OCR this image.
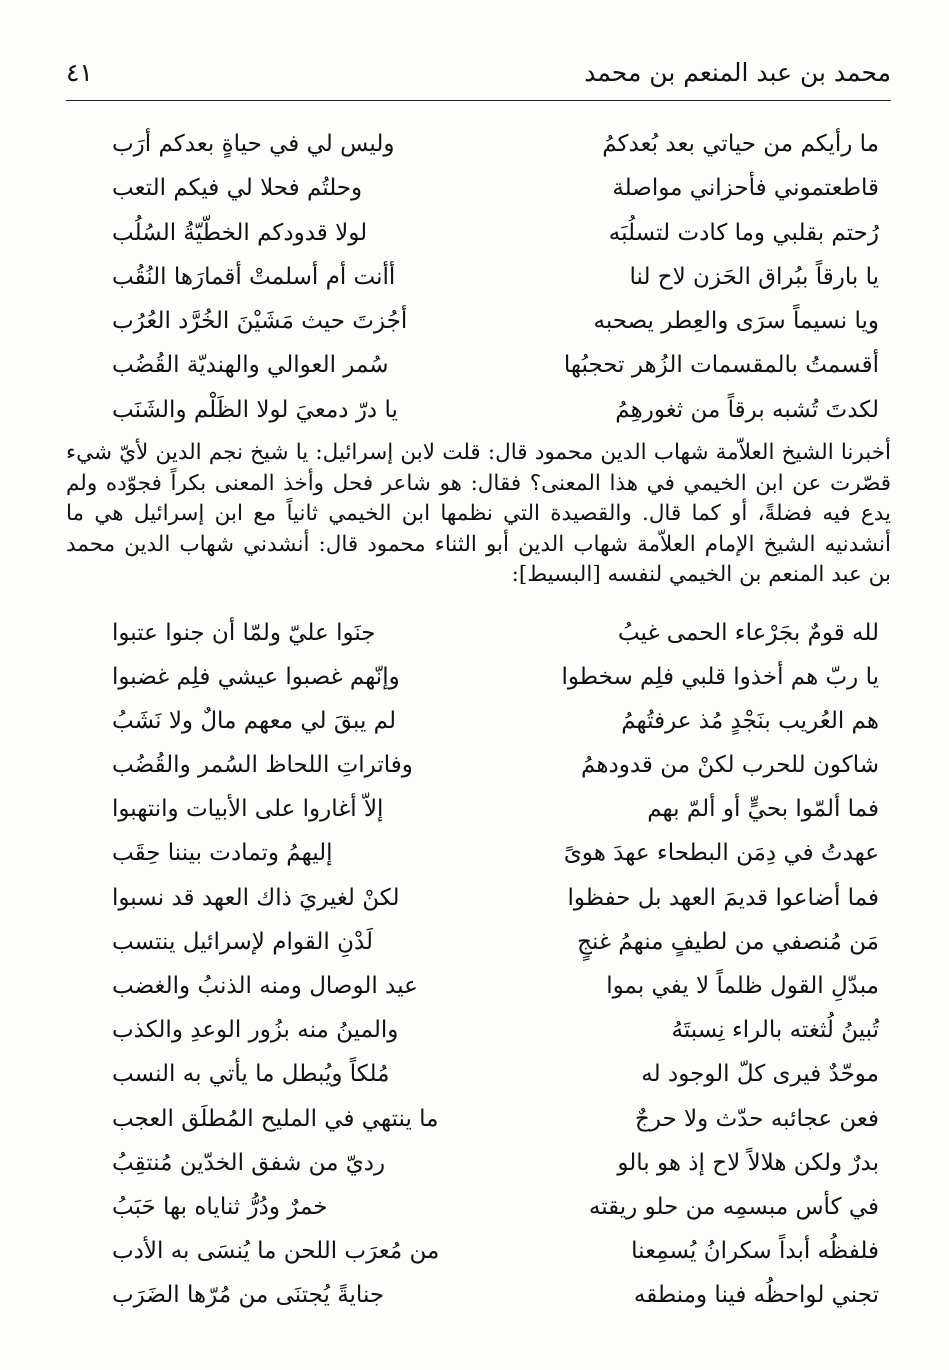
محمد بن عبد المنعم بن محمد
٤١
ما رأيكم من حياتي بعد بُعدكمُ
وليس لي في حياةٍ بعدكم أرَب
قاطعتموني فأحزاني مواصلة
وحلتُم فحلا لي فيكم التعب
رُحتم بقلبي وما كادت لتسلُبَه
لولا قدودكم الخطّيّةُ السُلُب
يا بارقاً ببُراق الحَزن لاح لنا
أأنت أم أسلمتْ أقمارَها النُقُب
ويا نسيماً سرَى والعِطر يصحبه
أجُزتَ حيث مَشَيْنَ الخُرَّد العُرُب
أقسمتُ بالمقسمات الزُهر تحجبُها
سُمر العوالي والهنديّة القُضُب
لكدتَ تُشبه برقاً من ثغورهِمُ
يا درّ دمعيَ لولا الظَلْم والشَنَب

أخبرنا الشيخ العلاّمة شهاب الدين محمود قال: قلت لابن إسرائيل: يا شيخ نجم الدين لأيّ شيء قصّرت عن ابن الخيمي في هذا المعنى؟ فقال: هو شاعر فحل وأخذ المعنى بكراً فجوّده ولم يدع فيه فضلةً، أو كما قال. والقصيدة التي نظمها ابن الخيمي ثانياً مع ابن إسرائيل هي ما أنشدنيه الشيخ الإمام العلاّمة شهاب الدين أبو الثناء محمود قال: أنشدني شهاب الدين محمد بن عبد المنعم بن الخيمي لنفسه [البسيط]:

لله قومٌ بجَرْعاء الحمى غيبُ
جنَوا عليّ ولمّا أن جنوا عتبوا
يا ربّ هم أخذوا قلبي فلِم سخطوا
وإنّهم غصبوا عيشي فلِم غضبوا
هم العُريب بنَجْدٍ مُذ عرفتُهمُ
لم يبقَ لي معهم مالٌ ولا نَشَبُ
شاكون للحرب لكنْ من قدودهمُ
وفاتراتِ اللحاظ السُمر والقُضُب
فما ألمّوا بحيٍّ أو ألمّ بهم
إلاّ أغاروا على الأبيات وانتهبوا
عهدتُ في دِمَن البطحاء عهدَ هوىً
إليهمُ وتمادت بيننا حِقَب
فما أضاعوا قديمَ العهد بل حفظوا
لكنْ لغيريَ ذاك العهد قد نسبوا
مَن مُنصفي من لطيفٍ منهمُ غنجٍ
لَدْنِ القوام لإسرائيل ينتسب
مبدّلِ القول ظلماً لا يفي بموا
عيد الوصال ومنه الذنبُ والغضب
تُبينُ لُثغته بالراء نِسبتَهُ
والمينُ منه بزُور الوعدِ والكذب
موحّدٌ فيرى كلّ الوجود له
مُلكاً ويُبطل ما يأتي به النسب
فعن عجائبه حدّث ولا حرجٌ
ما ينتهي في المليح المُطلَق العجب
بدرٌ ولكن هلالاً لاح إذ هو بالو
رديّ من شفق الخدّين مُنتقِبُ
في كأس مبسمِه من حلو ريقته
خمرٌ ودُرُّ ثناياه بها حَبَبُ
فلفظُه أبداً سكرانُ يُسمِعنا
من مُعرَب اللحن ما يُنسَى به الأدب
تجني لواحظُه فينا ومنطقه
جنايةً يُجتنَى من مُرّها الضَرَب
